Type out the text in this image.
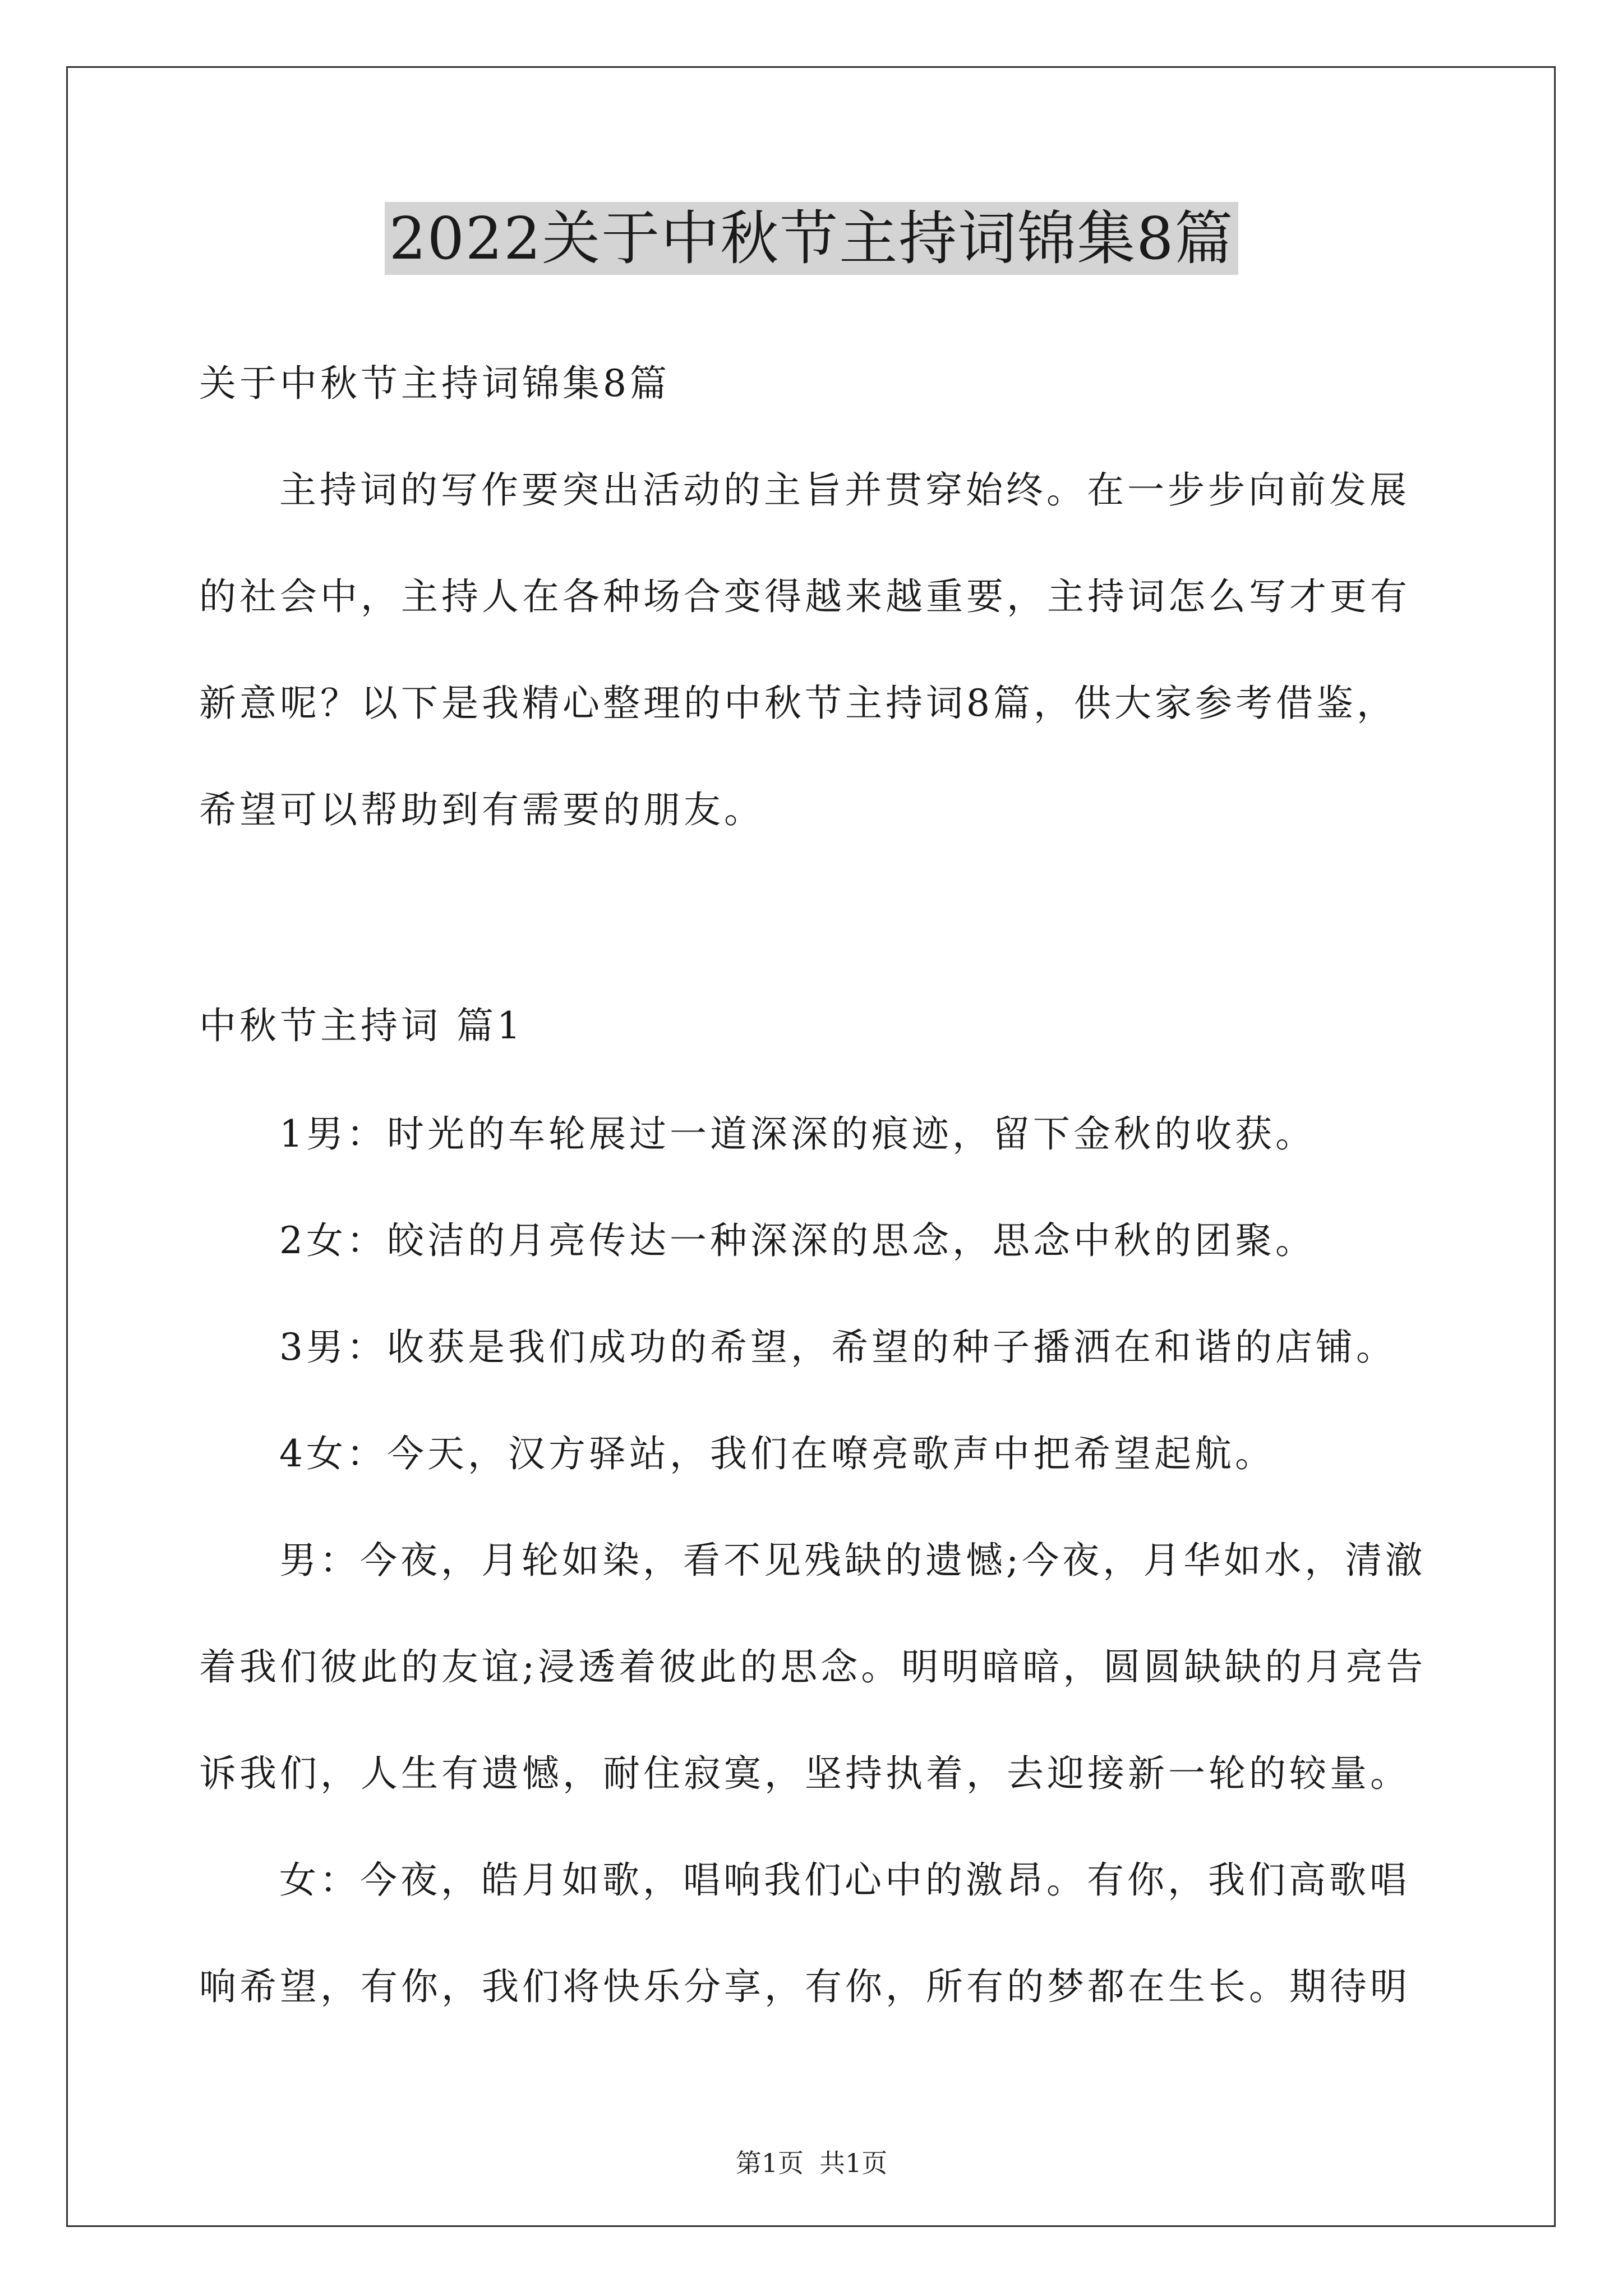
2022关于中秋节主持词锦集8篇
关于中秋节主持词锦集8篇
主持词的写作要突出活动的主旨并贯穿始终。在一步步向前发展
的社会中，主持人在各种场合变得越来越重要，主持词怎么写才更有
新意呢？以下是我精心整理的中秋节主持词8篇，供大家参考借鉴，
希望可以帮助到有需要的朋友。
中秋节主持词 篇1
1男：时光的车轮展过一道深深的痕迹，留下金秋的收获。
2女：皎洁的月亮传达一种深深的思念，思念中秋的团聚。
3男：收获是我们成功的希望，希望的种子播洒在和谐的店铺。
4女：今天，汉方驿站，我们在嘹亮歌声中把希望起航。
男：今夜，月轮如染，看不见残缺的遗憾;今夜，月华如水，清澈
着我们彼此的友谊;浸透着彼此的思念。明明暗暗，圆圆缺缺的月亮告
诉我们，人生有遗憾，耐住寂寞，坚持执着，去迎接新一轮的较量。
女：今夜，皓月如歌，唱响我们心中的激昂。有你，我们高歌唱
响希望，有你，我们将快乐分享，有你，所有的梦都在生长。期待明
第1页 共1页
